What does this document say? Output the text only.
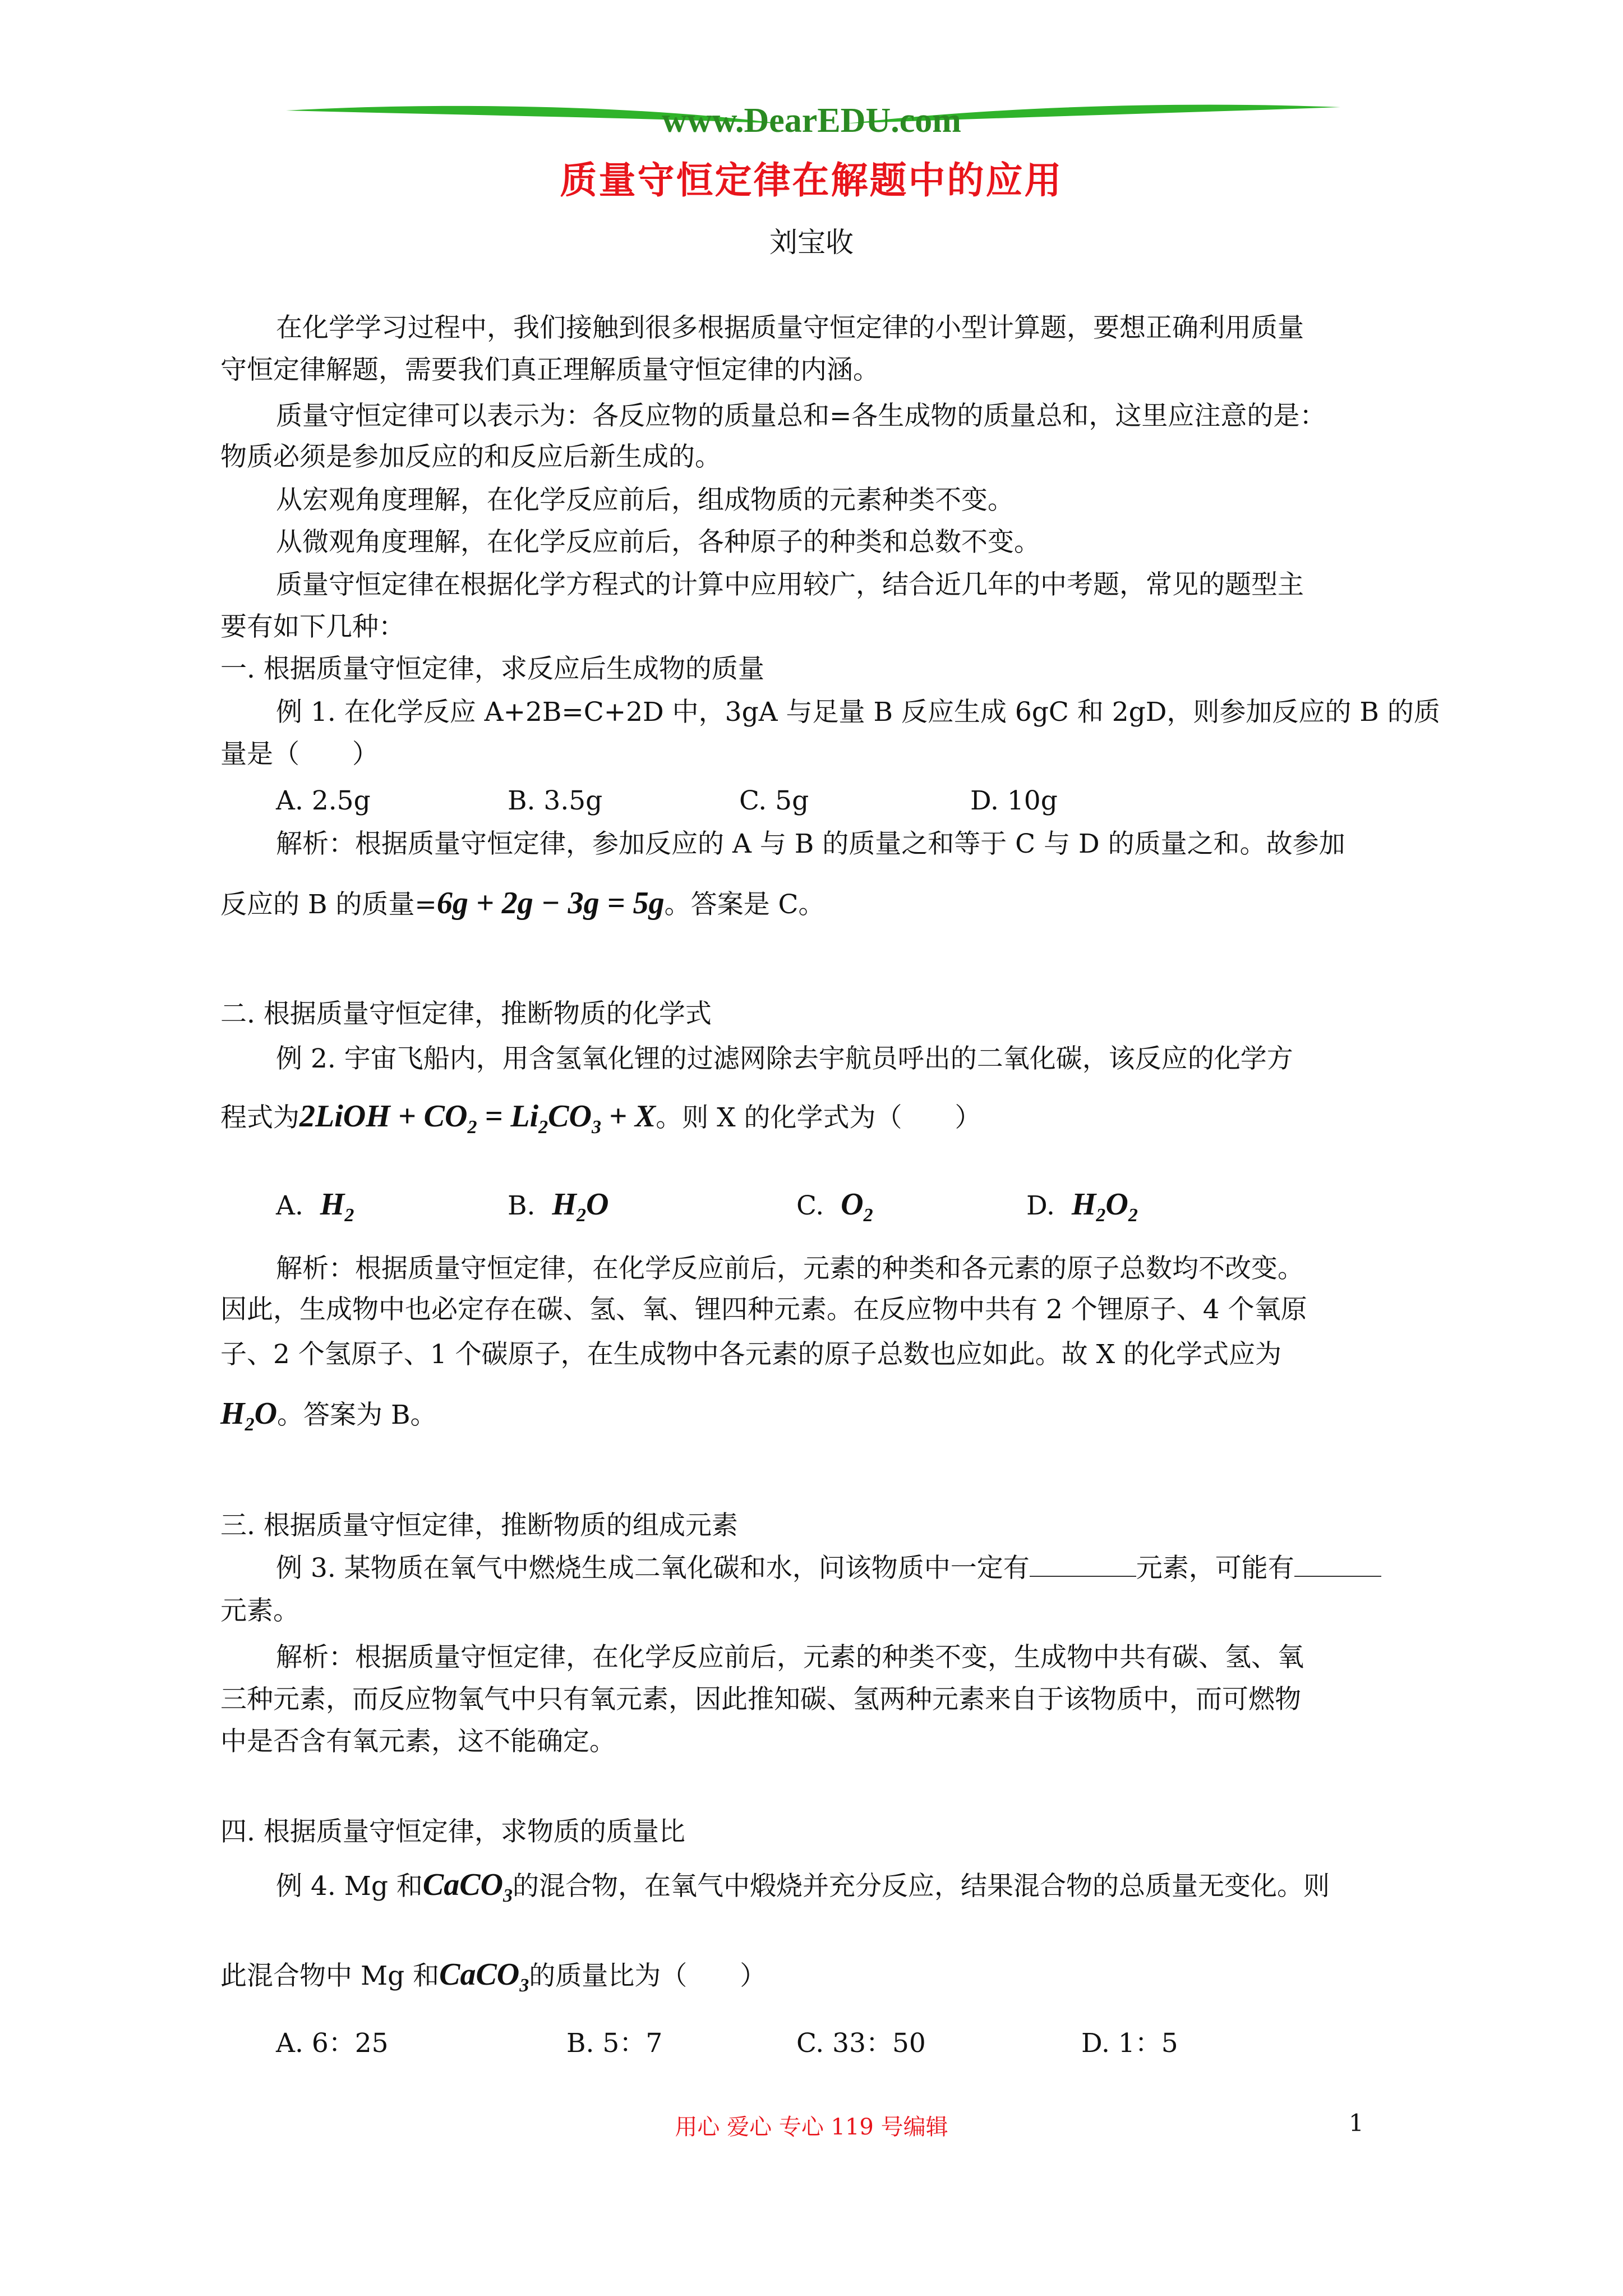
www.DearEDU.com
质量守恒定律在解题中的应用
刘宝收
在化学学习过程中，我们接触到很多根据质量守恒定律的小型计算题，要想正确利用质量
守恒定律解题，需要我们真正理解质量守恒定律的内涵。
质量守恒定律可以表示为：各反应物的质量总和=各生成物的质量总和，这里应注意的是：
物质必须是参加反应的和反应后新生成的。
从宏观角度理解，在化学反应前后，组成物质的元素种类不变。
从微观角度理解，在化学反应前后，各种原子的种类和总数不变。
质量守恒定律在根据化学方程式的计算中应用较广，结合近几年的中考题，常见的题型主
要有如下几种：
一. 根据质量守恒定律，求反应后生成物的质量
例 1. 在化学反应 A+2B=C+2D 中，3gA 与足量 B 反应生成 6gC 和 2gD，则参加反应的 B 的质
量是（　　）
A. 2.5g	B. 3.5g	C. 5g	D. 10g
解析：根据质量守恒定律，参加反应的 A 与 B 的质量之和等于 C 与 D 的质量之和。故参加
反应的 B 的质量=6g + 2g − 3g = 5g。答案是 C。
二. 根据质量守恒定律，推断物质的化学式
例 2. 宇宙飞船内，用含氢氧化锂的过滤网除去宇航员呼出的二氧化碳，该反应的化学方
程式为2LiOH + $CO_2 = Li_2CO_3 + X$。则 X 的化学式为（　　）
A. $H_2$	B. $H_2O$	C. $O_2$	D. $H_2O_2$
解析：根据质量守恒定律，在化学反应前后，元素的种类和各元素的原子总数均不改变。
因此，生成物中也必定存在碳、氢、氧、锂四种元素。在反应物中共有 2 个锂原子、4 个氧原
子、2 个氢原子、1 个碳原子，在生成物中各元素的原子总数也应如此。故 X 的化学式应为
$H_2O$。答案为 B。
三. 根据质量守恒定律，推断物质的组成元素
例 3. 某物质在氧气中燃烧生成二氧化碳和水，问该物质中一定有	元素，可能有
元素。
解析：根据质量守恒定律，在化学反应前后，元素的种类不变，生成物中共有碳、氢、氧
三种元素，而反应物氧气中只有氧元素，因此推知碳、氢两种元素来自于该物质中，而可燃物
中是否含有氧元素，这不能确定。
四. 根据质量守恒定律，求物质的质量比
例 4. Mg 和CaCO$_3$的混合物，在氧气中煅烧并充分反应，结果混合物的总质量无变化。则
此混合物中 Mg 和CaCO$_3$的质量比为（　　）
A. 6：25	B. 5：7	C. 33：50	D. 1：5
用心 爱心 专心 119 号编辑	1
